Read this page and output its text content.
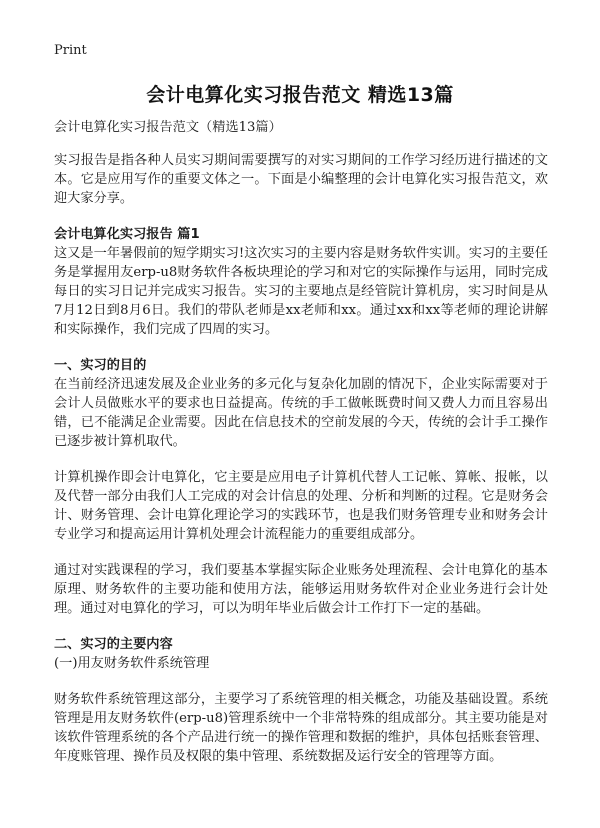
Print
会计电算化实习报告范文 精选13篇

会计电算化实习报告范文（精选13篇）

实习报告是指各种人员实习期间需要撰写的对实习期间的工作学习经历进行描述的文本。它是应用写作的重要文体之一。下面是小编整理的会计电算化实习报告范文，欢迎大家分享。

会计电算化实习报告 篇1

这又是一年暑假前的短学期实习!这次实习的主要内容是财务软件实训。实习的主要任务是掌握用友erp-u8财务软件各板块理论的学习和对它的实际操作与运用，同时完成每日的实习日记并完成实习报告。实习的主要地点是经管院计算机房，实习时间是从7月12日到8月6日。我们的带队老师是xx老师和xx。通过xx和xx等老师的理论讲解和实际操作，我们完成了四周的实习。

一、实习的目的

在当前经济迅速发展及企业业务的多元化与复杂化加剧的情况下，企业实际需要对于会计人员做账水平的要求也日益提高。传统的手工做帐既费时间又费人力而且容易出错，已不能满足企业需要。因此在信息技术的空前发展的今天，传统的会计手工操作已逐步被计算机取代。

计算机操作即会计电算化，它主要是应用电子计算机代替人工记帐、算帐、报帐，以及代替一部分由我们人工完成的对会计信息的处理、分析和判断的过程。它是财务会计、财务管理、会计电算化理论学习的实践环节，也是我们财务管理专业和财务会计专业学习和提高运用计算机处理会计流程能力的重要组成部分。

通过对实践课程的学习，我们要基本掌握实际企业账务处理流程、会计电算化的基本原理、财务软件的主要功能和使用方法，能够运用财务软件对企业业务进行会计处理。通过对电算化的学习，可以为明年毕业后做会计工作打下一定的基础。

二、实习的主要内容

(一)用友财务软件系统管理

财务软件系统管理这部分，主要学习了系统管理的相关概念，功能及基础设置。系统管理是用友财务软件(erp-u8)管理系统中一个非常特殊的组成部分。其主要功能是对该软件管理系统的各个产品进行统一的操作管理和数据的维护，具体包括账套管理、年度账管理、操作员及权限的集中管理、系统数据及运行安全的管理等方面。
